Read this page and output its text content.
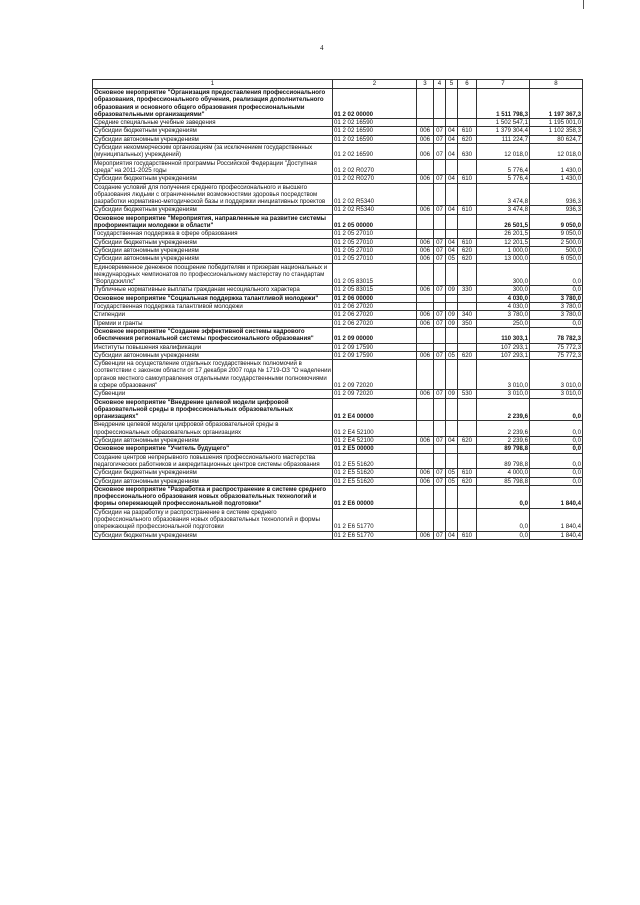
4
1	2	3	4	5	6	7	8
Основное мероприятие "Организация предоставления профессионального образования, профессионального обучения, реализация дополнительного образования и основного общего образования профессиональными образовательными организациями"	01 2 02 00000					1 511 798,3	1 197 367,3
Средние специальные учебные заведения	01 2 02 16590					1 502 547,1	1 195 001,0
Субсидии бюджетным учреждениям	01 2 02 16590	006	07	04	610	1 379 304,4	1 102 358,3
Субсидии автономным учреждениям	01 2 02 16590	006	07	04	620	111 224,7	80 624,7
Субсидии некоммерческим организациям (за исключением государственных (муниципальных) учреждений)	01 2 02 16590	006	07	04	630	12 018,0	12 018,0
Мероприятия государственной программы Российской Федерации "Доступная среда" на 2011-2025 годы	01 2 02 R0270					5 776,4	1 430,0
Субсидии бюджетным учреждениям	01 2 02 R0270	006	07	04	610	5 776,4	1 430,0
Создание условий для получения среднего профессионального и высшего образования людьми с ограниченными возможностями здоровья посредством разработки нормативно-методической базы и поддержки инициативных проектов	01 2 02 R5340					3 474,8	936,3
Субсидии бюджетным учреждениям	01 2 02 R5340	006	07	04	610	3 474,8	936,3
Основное мероприятие "Мероприятия, направленные на развитие системы профориентации молодежи в области"	01 2 05 00000					26 501,5	9 050,0
Государственная поддержка в сфере образования	01 2 05 27010					26 201,5	9 050,0
Субсидии бюджетным учреждениям	01 2 05 27010	006	07	04	610	12 201,5	2 500,0
Субсидии автономным учреждениям	01 2 05 27010	006	07	04	620	1 000,0	500,0
Субсидии автономным учреждениям	01 2 05 27010	006	07	05	620	13 000,0	6 050,0
Единовременное денежное поощрение победителям и призерам национальных и международных чемпионатов по профессиональному мастерству по стандартам "Ворлдскиллс"	01 2 05 83015					300,0	0,0
Публичные нормативные выплаты гражданам несоциального характера	01 2 05 83015	006	07	09	330	300,0	0,0
Основное мероприятие "Социальная поддержка талантливой молодежи"	01 2 06 00000					4 030,0	3 780,0
Государственная поддержка талантливой молодежи	01 2 06 27020					4 030,0	3 780,0
Стипендии	01 2 06 27020	006	07	09	340	3 780,0	3 780,0
Премии и гранты	01 2 06 27020	006	07	09	350	250,0	0,0
Основное мероприятие "Создание эффективной системы кадрового обеспечения региональной системы профессионального образования"	01 2 09 00000					110 303,1	78 782,3
Институты повышения квалификации	01 2 09 17590					107 293,1	75 772,3
Субсидии автономным учреждениям	01 2 09 17590	006	07	05	620	107 293,1	75 772,3
Субвенции на осуществление отдельных государственных полномочий в соответствии с законом области от 17 декабря 2007 года № 1719-ОЗ "О наделении органов местного самоуправления отдельными государственными полномочиями в сфере образования"	01 2 09 72020					3 010,0	3 010,0
Субвенции	01 2 09 72020	006	07	09	530	3 010,0	3 010,0
Основное мероприятие "Внедрение целевой модели цифровой образовательной среды в профессиональных образовательных организациях"	01 2 E4 00000					2 239,6	0,0
Внедрение целевой модели цифровой образовательной среды в профессиональных образовательных организациях	01 2 E4 52100					2 239,6	0,0
Субсидии автономным учреждениям	01 2 E4 52100	006	07	04	620	2 239,6	0,0
Основное мероприятие "Учитель будущего"	01 2 E5 00000					89 798,8	0,0
Создание центров непрерывного повышения профессионального мастерства педагогических работников и аккредитационных центров системы образования	01 2 E5 51620					89 798,8	0,0
Субсидии бюджетным учреждениям	01 2 E5 51620	006	07	05	610	4 000,0	0,0
Субсидии автономным учреждениям	01 2 E5 51620	006	07	05	620	85 798,8	0,0
Основное мероприятие "Разработка и распространение в системе среднего профессионального образования новых образовательных технологий и формы опережающей профессиональной подготовки"	01 2 E6 00000					0,0	1 840,4
Субсидии на разработку и распространение в системе среднего профессионального образования новых образовательных технологий и формы опережающей профессиональной подготовки	01 2 E6 51770					0,0	1 840,4
Субсидии бюджетным учреждениям	01 2 E6 51770	006	07	04	610	0,0	1 840,4
